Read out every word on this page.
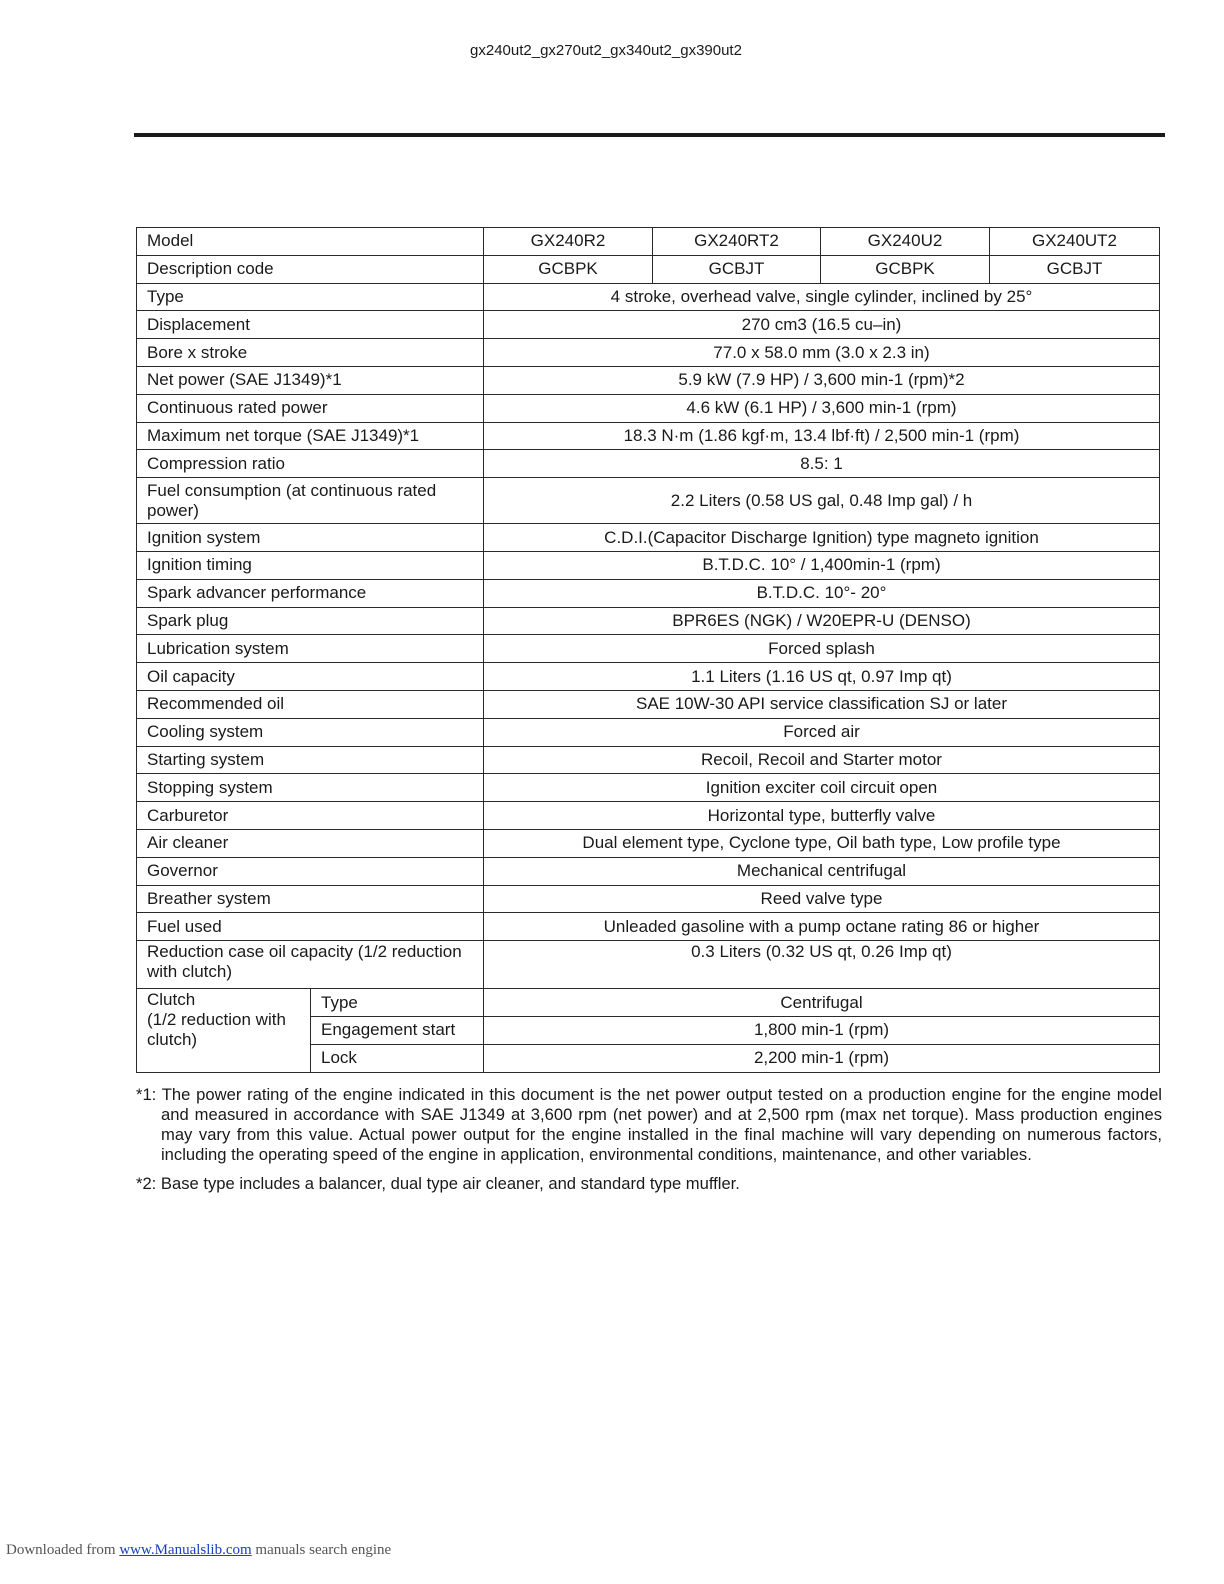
gx240ut2_gx270ut2_gx340ut2_gx390ut2
Model		GX240R2	GX240RT2	GX240U2	GX240UT2
Description code		GCBPK	GCBJT	GCBPK	GCBJT
Type		4 stroke, overhead valve, single cylinder, inclined by 25°			
Displacement		270 cm3 (16.5 cu–in)			
Bore x stroke		77.0 x 58.0 mm (3.0 x 2.3 in)			
Net power (SAE J1349)*1		5.9 kW (7.9 HP) / 3,600 min-1 (rpm)*2			
Continuous rated power		4.6 kW (6.1 HP) / 3,600 min-1 (rpm)			
Maximum net torque (SAE J1349)*1		18.3 N·m (1.86 kgf·m, 13.4 lbf·ft) / 2,500 min-1 (rpm)			
Compression ratio		8.5: 1			
Fuel consumption (at continuous rated power)		2.2 Liters (0.58 US gal, 0.48 Imp gal) / h			
Ignition system		C.D.I.(Capacitor Discharge Ignition) type magneto ignition			
Ignition timing		B.T.D.C. 10° / 1,400min-1 (rpm)			
Spark advancer performance		B.T.D.C. 10°- 20°			
Spark plug		BPR6ES (NGK) / W20EPR-U (DENSO)			
Lubrication system		Forced splash			
Oil capacity		1.1 Liters (1.16 US qt, 0.97 Imp qt)			
Recommended oil		SAE 10W-30 API service classification SJ or later			
Cooling system		Forced air			
Starting system		Recoil, Recoil and Starter motor			
Stopping system		Ignition exciter coil circuit open			
Carburetor		Horizontal type, butterfly valve			
Air cleaner		Dual element type, Cyclone type, Oil bath type, Low profile type			
Governor		Mechanical centrifugal			
Breather system		Reed valve type			
Fuel used		Unleaded gasoline with a pump octane rating 86 or higher			
Reduction case oil capacity (1/2 reduction with clutch)		0.3 Liters (0.32 US qt, 0.26 Imp qt)			
Clutch
(1/2 reduction with clutch)	Type	Centrifugal			
	Engagement start	1,800 min-1 (rpm)			
	Lock	2,200 min-1 (rpm)			

*1: The power rating of the engine indicated in this document is the net power output tested on a production engine for the engine model and measured in accordance with SAE J1349 at 3,600 rpm (net power) and at 2,500 rpm (max net torque). Mass production engines may vary from this value. Actual power output for the engine installed in the final machine will vary depending on numerous factors, including the operating speed of the engine in application, environmental conditions, maintenance, and other variables.

*2: Base type includes a balancer, dual type air cleaner, and standard type muffler.

Downloaded from www.Manualslib.com manuals search engine
